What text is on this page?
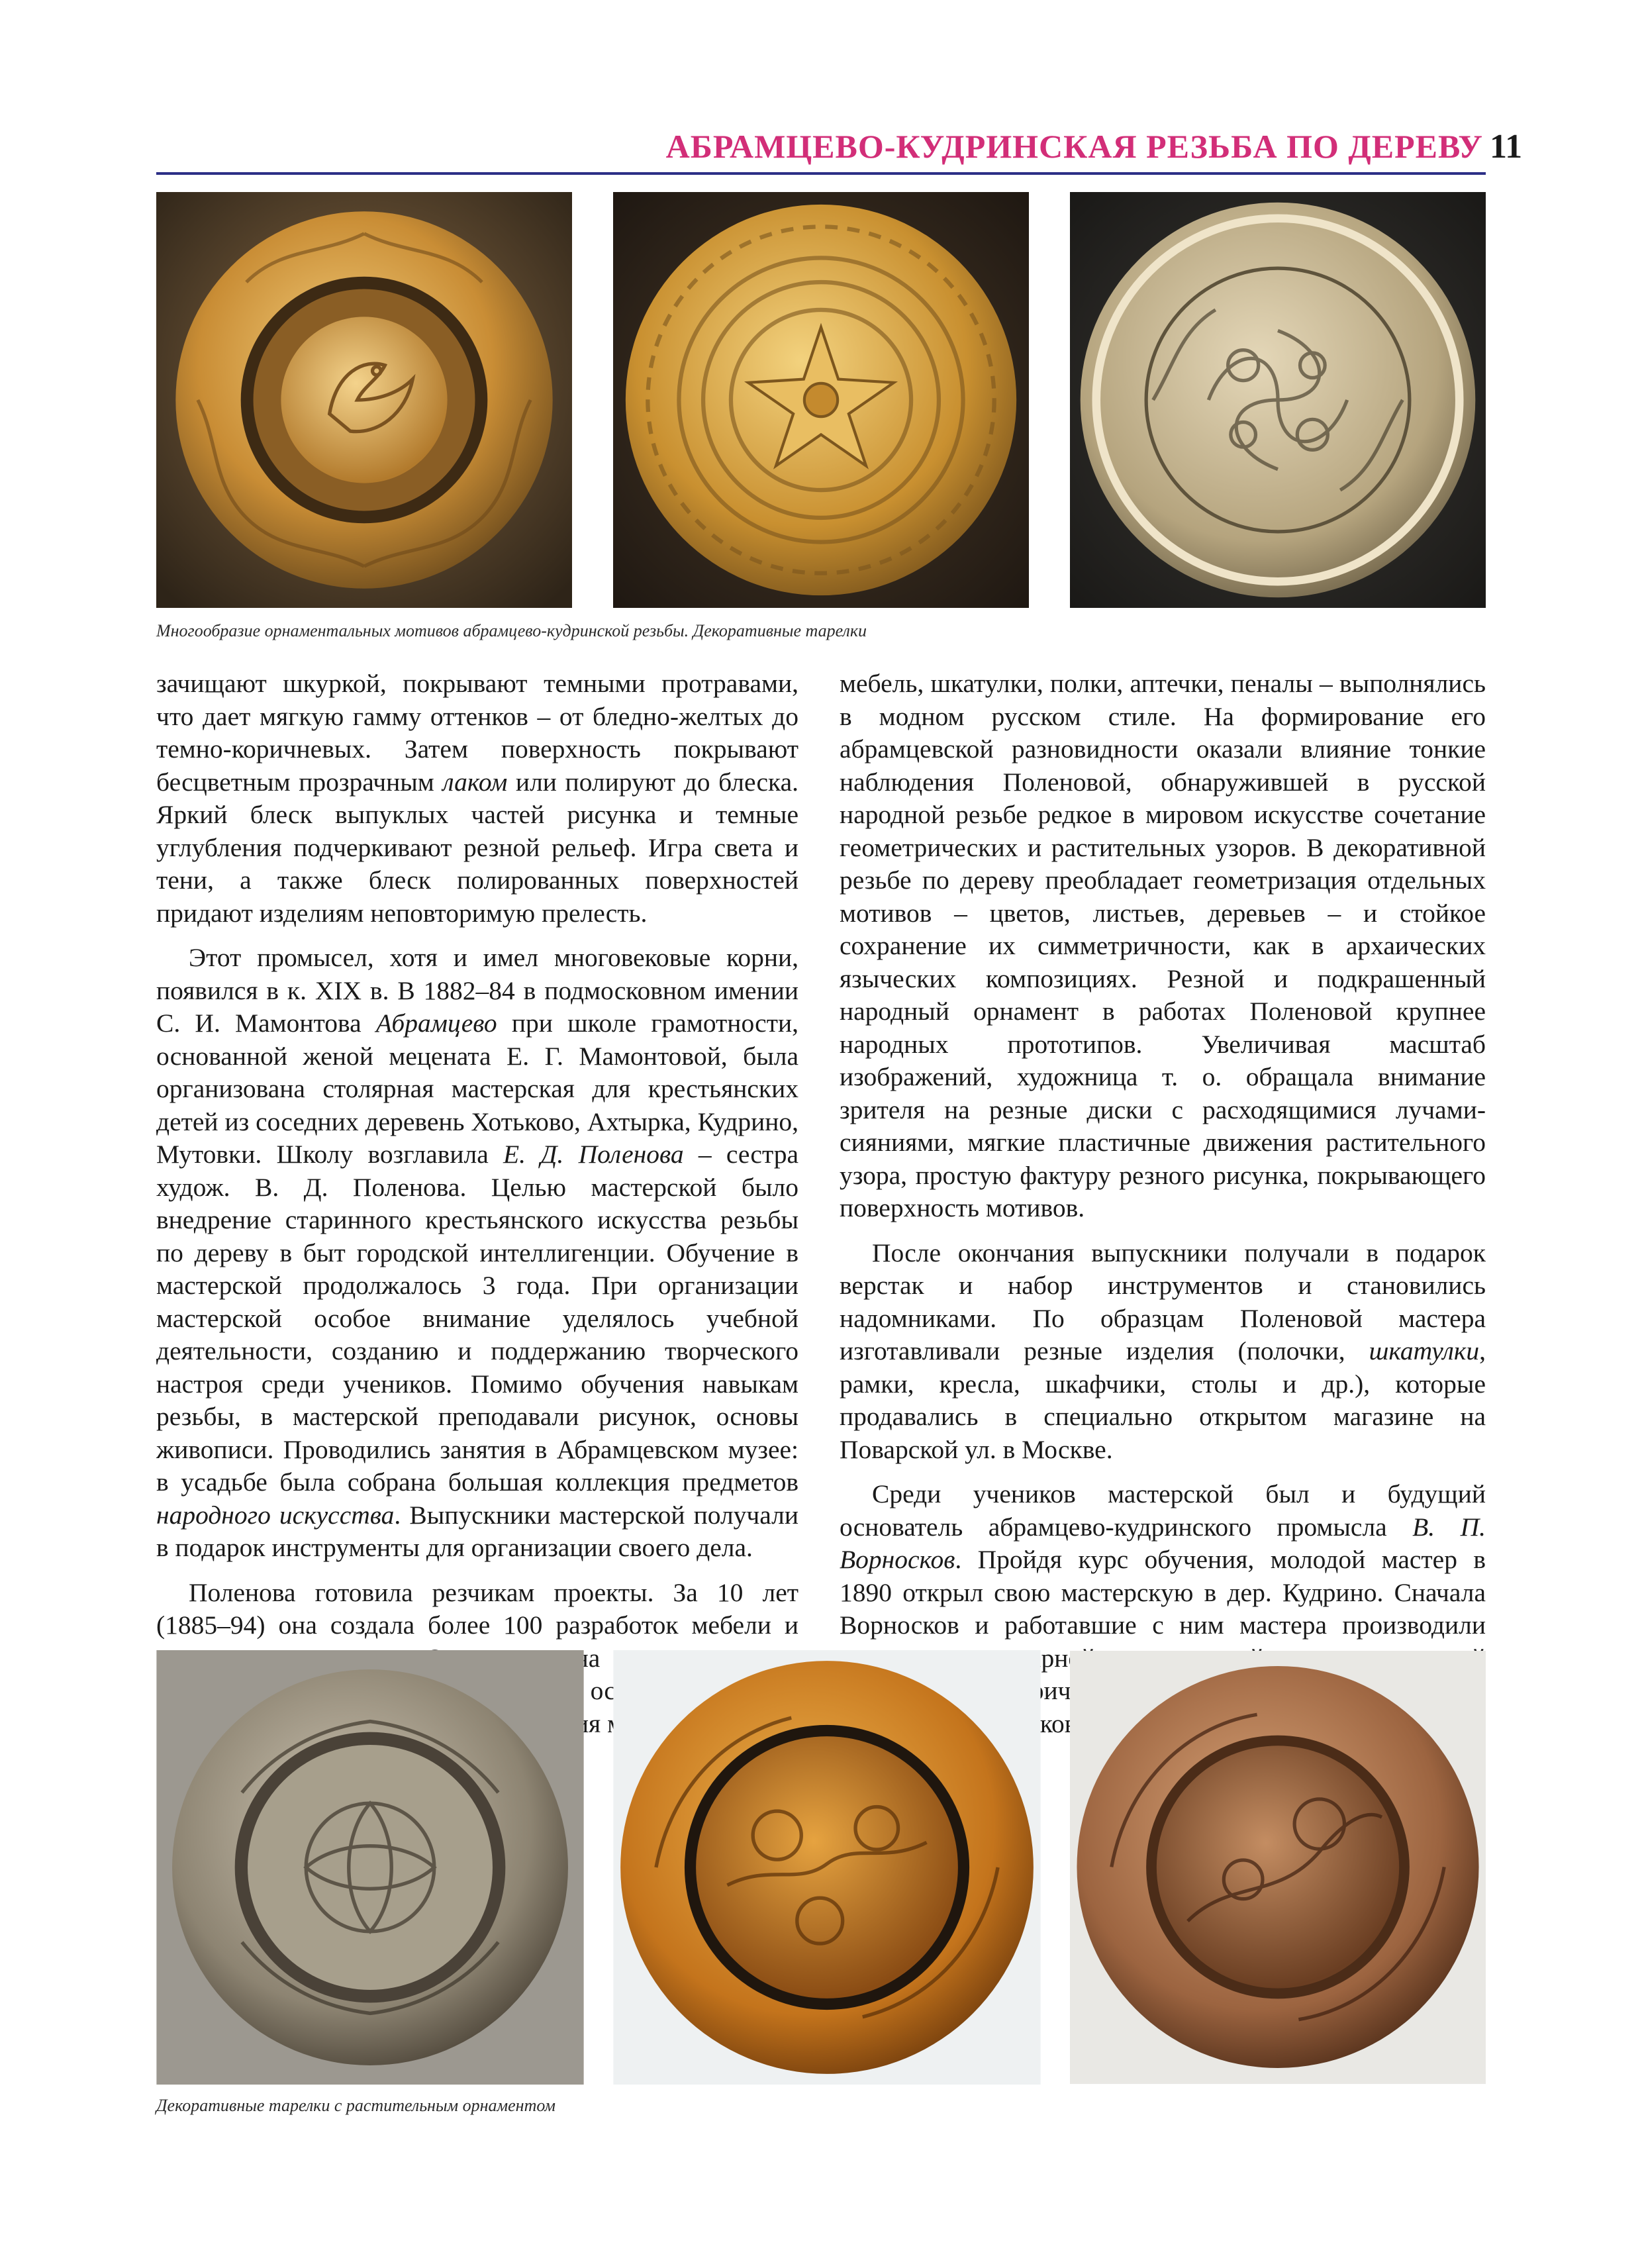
АБРАМЦЕВО-КУДРИНСКАЯ РЕЗЬБА ПО ДЕРЕВУ 11
Многообразие орнаментальных мотивов абрамцево-кудринской резьбы. Декоративные тарелки

зачищают шкуркой, покрывают темными протравами, что дает мягкую гамму оттенков – от бледно-желтых до темно-коричневых. Затем поверхность покрывают бесцветным прозрачным лаком или полируют до блеска. Яркий блеск выпуклых частей рисунка и темные углубления подчеркивают резной рельеф. Игра света и тени, а также блеск полированных поверхностей придают изделиям неповторимую прелесть.

Этот промысел, хотя и имел многовековые корни, появился в к. XIX в. В 1882–84 в подмосковном имении С. И. Мамонтова Абрамцево при школе грамотности, основанной женой мецената Е. Г. Мамонтовой, была организована столярная мастерская для крестьянских детей из соседних деревень Хотьково, Ахтырка, Кудрино, Мутовки. Школу возглавила Е. Д. Поленова – сестра худож. В. Д. Поленова. Целью мастерской было внедрение старинного крестьянского искусства резьбы по дереву в быт городской интеллигенции. Обучение в мастерской продолжалось 3 года. При организации мастерской особое внимание уделялось учебной деятельности, созданию и поддержанию творческого настроя среди учеников. Помимо обучения навыкам резьбы, в мастерской преподавали рисунок, основы живописи. Проводились занятия в Абрамцевском музее: в усадьбе была собрана большая коллекция предметов народного искусства. Выпускники мастерской получали в подарок инструменты для организации своего дела.

Поленова готовила резчикам проекты. За 10 лет (1885–94) она создала более 100 разработок мебели и на

мебель, шкатулки, полки, аптечки, пеналы – выполнялись в модном русском стиле. На формирование его абрамцевской разновидности оказали влияние тонкие наблюдения Поленовой, обнаружившей в русской народной резьбе редкое в мировом искусстве сочетание геометрических и растительных узоров. В декоративной резьбе по дереву преобладает геометризация отдельных мотивов – цветов, листьев, деревьев – и стойкое сохранение их симметричности, как в архаических языческих композициях. Резной и подкрашенный народный орнамент в работах Поленовой крупнее народных прототипов. Увеличивая масштаб изображений, художница т. о. обращала внимание зрителя на резные диски с расходящимися лучами-сияниями, мягкие пластичные движения растительного узора, простую фактуру резного рисунка, покрывающего поверхность мотивов.

После окончания выпускники получали в подарок верстак и набор инструментов и становились надомниками. По образцам Поленовой мастера изготавливали резные изделия (полочки, шкатулки, рамки, кресла, шкафчики, столы и др.), которые продавались в специально открытом магазине на Поварской ул. в Москве.

Среди учеников мастерской был и будущий основатель абрамцево-кудринского промысла В. П. Ворносков. Пройдя курс обучения, молодой мастер в 1890 открыл свою мастерскую в дер. Кудрино. Сначала Ворносков и работавшие с ним мастера производили токарной геометрической

Декоративные тарелки с растительным орнаментом
